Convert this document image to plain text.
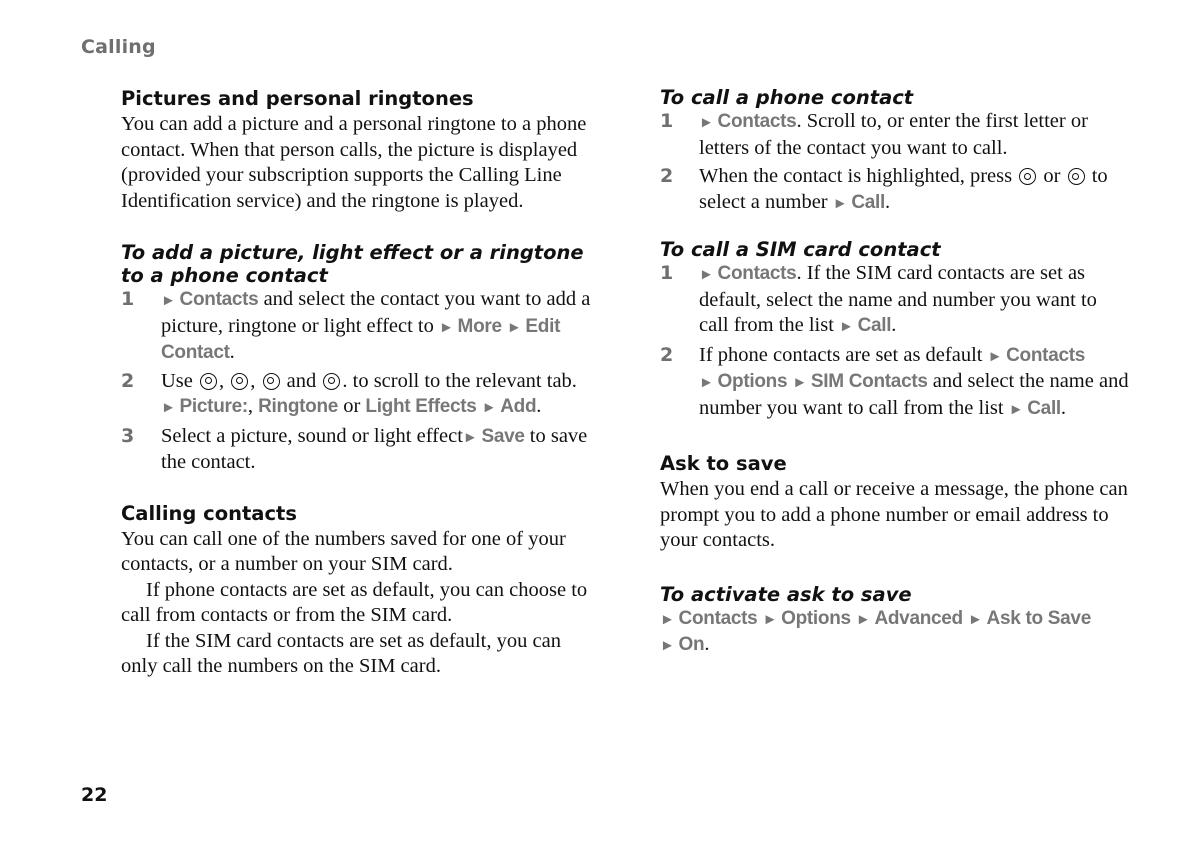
Calling
Pictures and personal ringtones

You can add a picture and a personal ringtone to a phone contact. When that person calls, the picture is displayed (provided your subscription supports the Calling Line Identification service) and the ringtone is played.

To add a picture, light effect or a ringtone to a phone contact
1	► Contacts and select the contact you want to add a picture, ringtone or light effect to ► More ► Edit Contact.
2	Use , ,  and . to scroll to the relevant tab. ► Picture:, Ringtone or Light Effects ► Add.
3	Select a picture, sound or light effect► Save to save the contact.
Calling contacts

You can call one of the numbers saved for one of your contacts, or a number on your SIM card.

If phone contacts are set as default, you can choose to call from contacts or from the SIM card.

If the SIM card contacts are set as default, you can only call the numbers on the SIM card.

To call a phone contact
1	► Contacts. Scroll to, or enter the first letter or letters of the contact you want to call.
2	When the contact is highlighted, press  or  to select a number ► Call.
To call a SIM card contact
1	► Contacts. If the SIM card contacts are set as default, select the name and number you want to call from the list ► Call.
2	If phone contacts are set as default ► Contacts ► Options ► SIM Contacts and select the name and number you want to call from the list ► Call.
Ask to save

When you end a call or receive a message, the phone can prompt you to add a phone number or email address to your contacts.

To activate ask to save

► Contacts ► Options ► Advanced ► Ask to Save
► On.

22
